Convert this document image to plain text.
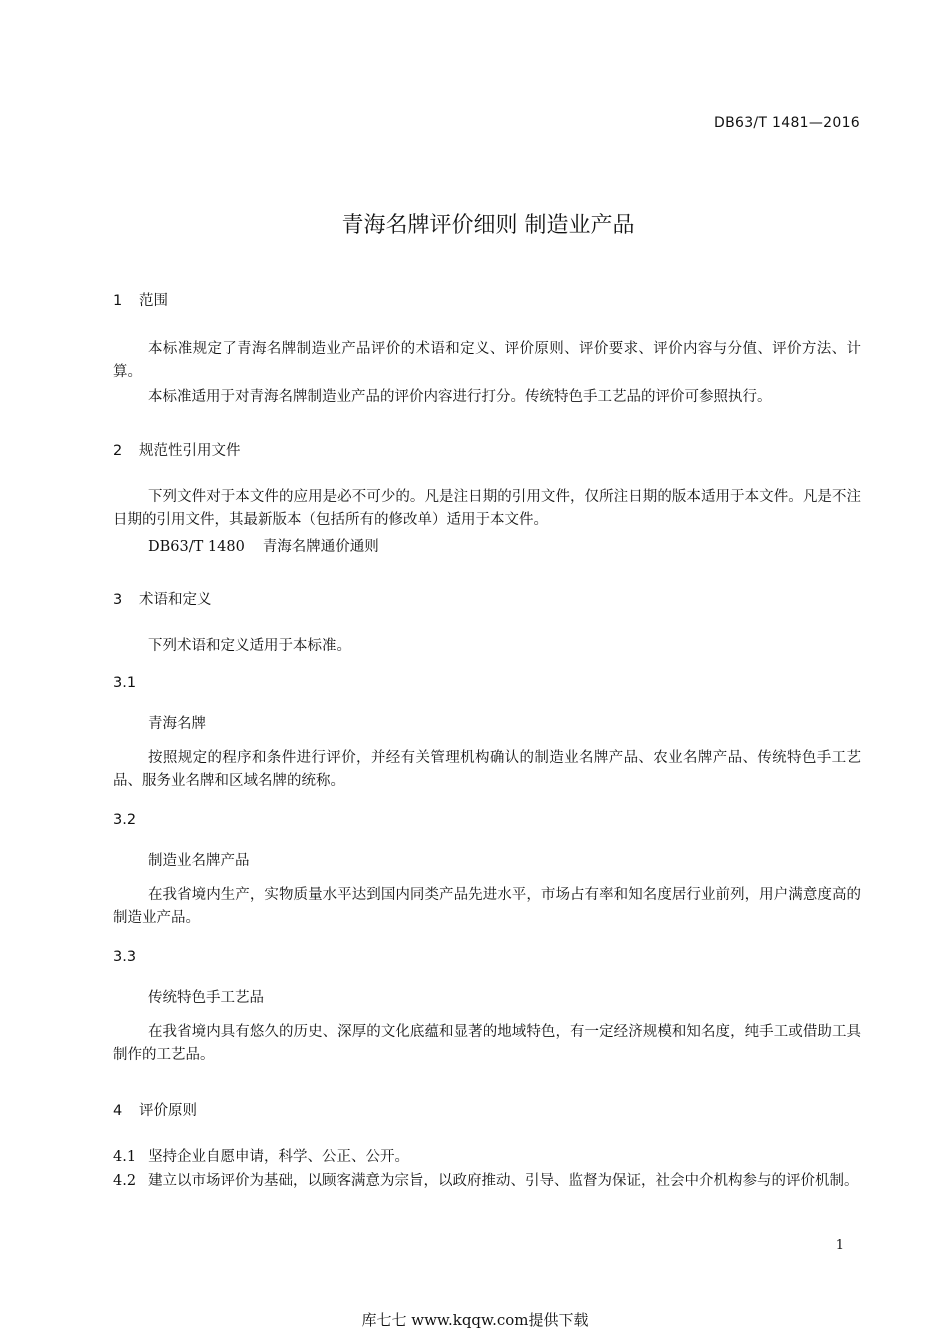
DB63/T 1481—2016
青海名牌评价细则 制造业产品
1 范围
本标准规定了青海名牌制造业产品评价的术语和定义、评价原则、评价要求、评价内容与分值、评价方法、计算。
本标准适用于对青海名牌制造业产品的评价内容进行打分。传统特色手工艺品的评价可参照执行。
2 规范性引用文件
下列文件对于本文件的应用是必不可少的。凡是注日期的引用文件，仅所注日期的版本适用于本文件。凡是不注日期的引用文件，其最新版本（包括所有的修改单）适用于本文件。
DB63/T 1480 青海名牌通价通则
3 术语和定义
下列术语和定义适用于本标准。
3.1
青海名牌
按照规定的程序和条件进行评价，并经有关管理机构确认的制造业名牌产品、农业名牌产品、传统特色手工艺品、服务业名牌和区域名牌的统称。
3.2
制造业名牌产品
在我省境内生产，实物质量水平达到国内同类产品先进水平，市场占有率和知名度居行业前列，用户满意度高的制造业产品。
3.3
传统特色手工艺品
在我省境内具有悠久的历史、深厚的文化底蕴和显著的地域特色，有一定经济规模和知名度，纯手工或借助工具制作的工艺品。
4 评价原则
4.1 坚持企业自愿申请，科学、公正、公开。
4.2 建立以市场评价为基础，以顾客满意为宗旨，以政府推动、引导、监督为保证，社会中介机构参与的评价机制。
1
库七七 www.kqqw.com提供下载
